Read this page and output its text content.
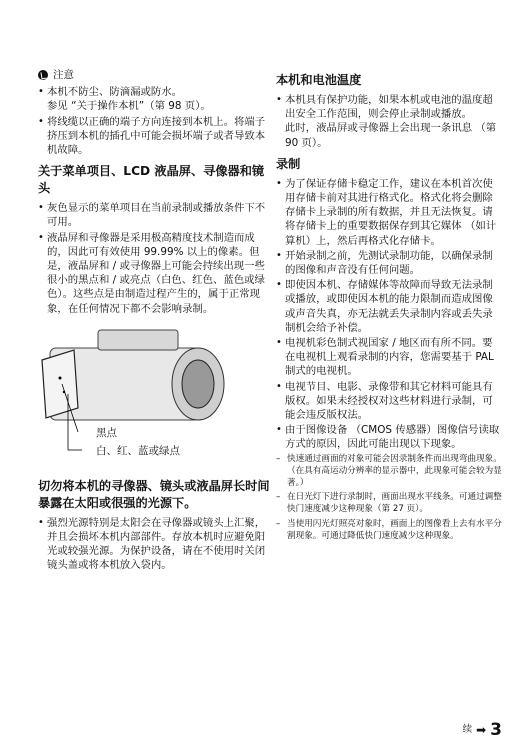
注意
• 本机不防尘、防滴漏或防水。
参见 “关于操作本机”（第 98 页）。
• 将线缆以正确的端子方向连接到本机上。将端子挤压到本机的插孔中可能会损坏端子或者导致本机故障。
关于菜单项目、LCD 液晶屏、寻像器和镜头
• 灰色显示的菜单项目在当前录制或播放条件下不可用。
• 液晶屏和寻像器是采用极高精度技术制造而成的，因此可有效使用 99.99% 以上的像素。但是，液晶屏和 / 或寻像器上可能会持续出现一些很小的黑点和 / 或亮点（白色、红色、蓝色或绿色）。这些点是由制造过程产生的，属于正常现象，在任何情况下都不会影响录制。
黑点
白、红、蓝或绿点
切勿将本机的寻像器、镜头或液晶屏长时间暴露在太阳或很强的光源下。
• 强烈光源特别是太阳会在寻像器或镜头上汇聚，并且会损坏本机内部部件。存放本机时应避免阳光或较强光源。为保护设备，请在不使用时关闭镜头盖或将本机放入袋内。
本机和电池温度
• 本机具有保护功能，如果本机或电池的温度超出安全工作范围，则会停止录制或播放。
此时，液晶屏或寻像器上会出现一条讯息 （第 90 页）。
录制
• 为了保证存储卡稳定工作，建议在本机首次使用存储卡前对其进行格式化。格式化将会删除存储卡上录制的所有数据，并且无法恢复。请将存储卡上的重要数据保存到其它媒体 （如计算机）上，然后再格式化存储卡。
• 开始录制之前，先测试录制功能，以确保录制的图像和声音没有任何问题。
• 即使因本机、存储媒体等故障而导致无法录制或播放，或即使因本机的能力限制而造成图像或声音失真，亦无法就丢失录制内容或丢失录制机会给予补偿。
• 电视机彩色制式视国家 / 地区而有所不同。要在电视机上观看录制的内容，您需要基于 PAL 制式的电视机。
• 电视节目、电影、录像带和其它材料可能具有版权。如果未经授权对这些材料进行录制，可能会违反版权法。
• 由于图像设备 （CMOS 传感器）图像信号读取方式的原因，因此可能出现以下现象。
– 快速通过画面的对象可能会因录制条件而出现弯曲现象。（在具有高运动分辨率的显示器中，此现象可能会较为显著。）
– 在日光灯下进行录制时，画面出现水平线条。可通过调整快门速度减少这种现象（第 27 页）。
– 当使用闪光灯照亮对象时，画面上的图像看上去有水平分割现象。可通过降低快门速度减少这种现象。
续 ➡ 3
